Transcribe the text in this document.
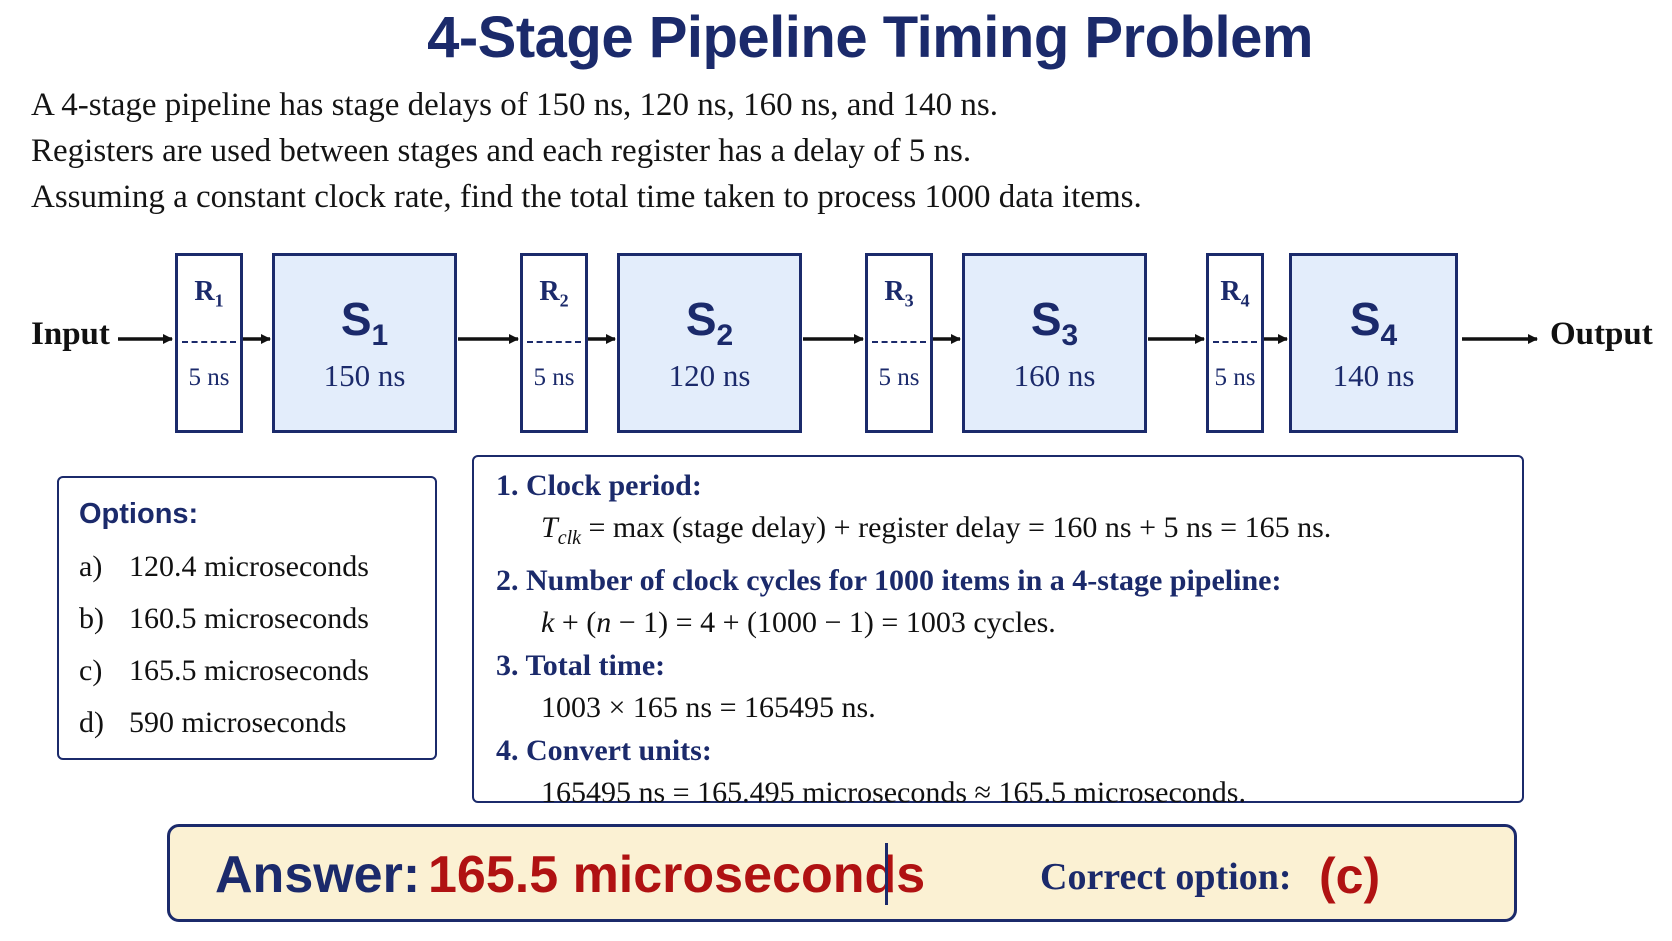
4-Stage Pipeline Timing Problem
A 4-stage pipeline has stage delays of 150 ns, 120 ns, 160 ns, and 140 ns.
Registers are used between stages and each register has a delay of 5 ns.
Assuming a constant clock rate, find the total time taken to process 1000 data items.
Input	Output
$R_1$
5 ns
$S_1$
150 ns
$R_2$
5 ns
$S_2$
120 ns
$R_3$
5 ns
$S_3$
160 ns
$R_4$
5 ns
$S_4$
140 ns
Options:
a) 120.4 microseconds
b) 160.5 microseconds
c) 165.5 microseconds
d) 590 microseconds
1. Clock period:
$T_{clk} = \max$ (stage delay) + register delay = 160 ns + 5 ns = 165 ns.
2. Number of clock cycles for 1000 items in a 4-stage pipeline:
k + (n − 1) = 4 + (1000 − 1) = 1003 cycles.
3. Total time:
1003 × 165 ns = 165495 ns.
4. Convert units:
165495 ns = 165.495 microseconds ≈ 165.5 microseconds.
Answer: 165.5 microseconds	Correct option: (c)
